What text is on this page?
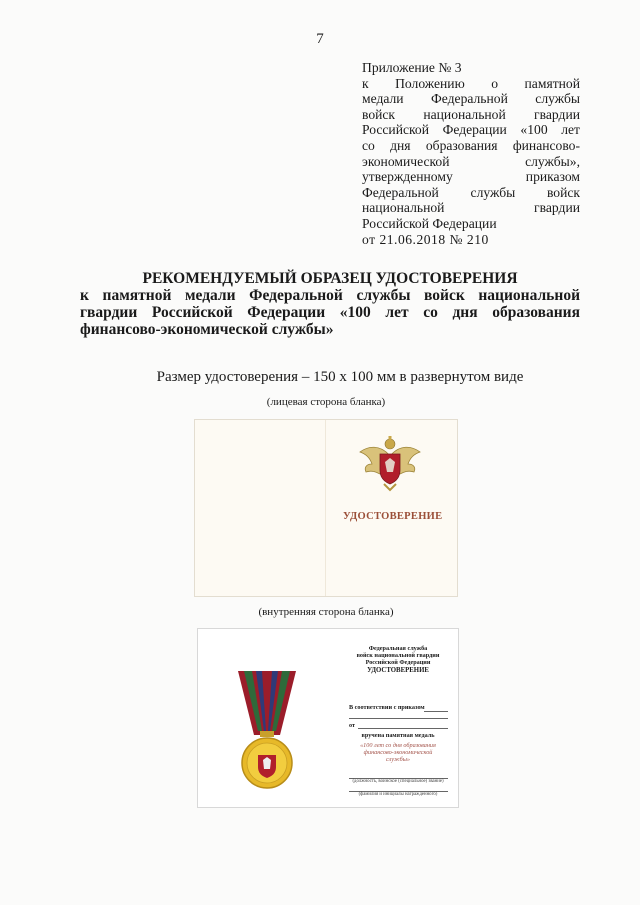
7

Приложение № 3

к Положению о памятной

медали Федеральной службы

войск национальной гвардии

Российской Федерации «100 лет

со дня образования финансово-

экономической службы»,

утвержденному приказом

Федеральной службы войск

национальной гвардии

Российской Федерации

от 21.06.2018 № 210

РЕКОМЕНДУЕМЫЙ ОБРАЗЕЦ УДОСТОВЕРЕНИЯ
к памятной медали Федеральной службы войск национальной
гвардии Российской Федерации «100 лет со дня образования
финансово-экономической службы»
Размер удостоверения – 150 х 100 мм в развернутом виде
(лицевая сторона бланка)
УДОСТОВЕРЕНИЕ
(внутренняя сторона бланка)
Федеральная служба
войск национальной гвардии
Российской Федерации
УДОСТОВЕРЕНИЕ
В соответствии с приказом
от
вручена памятная медаль
«100 лет со дня образования
финансово-экономической
службы»
(должность, воинское (специальное) звание)
(фамилия и инициалы награжденного)
